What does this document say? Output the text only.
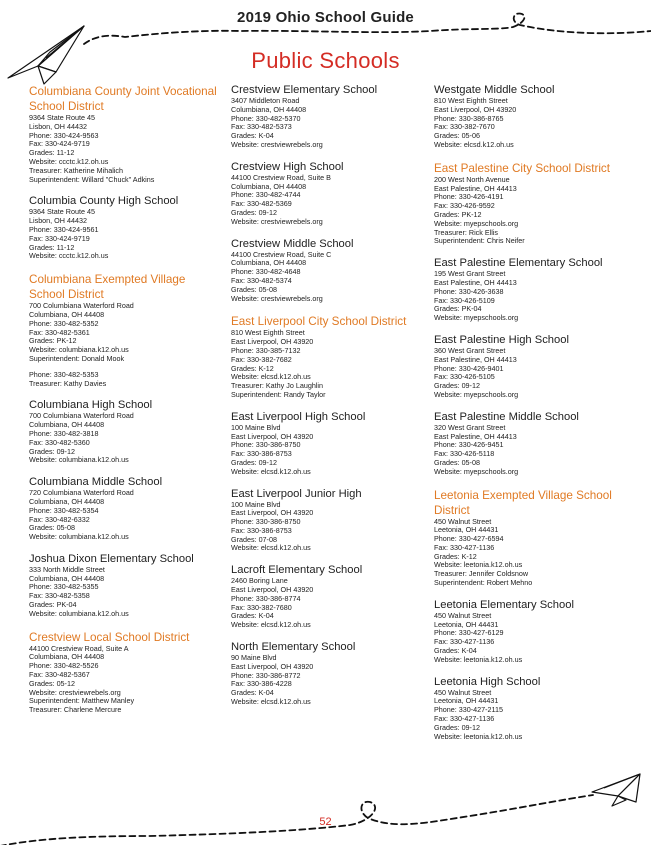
2019 Ohio School Guide
Public Schools
Columbiana County Joint Vocational School District
9364 State Route 45
Lisbon, OH 44432
Phone: 330-424-9563
Fax: 330-424-9719
Grades: 11-12
Website: ccctc.k12.oh.us
Treasurer: Katherine Mihalich
Superintendent: Willard "Chuck" Adkins
Columbia County High School
9364 State Route 45
Lisbon, OH 44432
Phone: 330-424-9561
Fax: 330-424-9719
Grades: 11-12
Website: ccctc.k12.oh.us
Columbiana Exempted Village School District
700 Columbiana Waterford Road
Columbiana, OH 44408
Phone: 330-482-5352
Fax: 330-482-5361
Grades: PK-12
Website: columbiana.k12.oh.us
Superintendent: Donald Mook
Phone: 330-482-5353
Treasurer: Kathy Davies
Columbiana High School
700 Columbiana Waterford Road
Columbiana, OH 44408
Phone: 330-482-3818
Fax: 330-482-5360
Grades: 09-12
Website: columbiana.k12.oh.us
Columbiana Middle School
720 Columbiana Waterford Road
Columbiana, OH 44408
Phone: 330-482-5354
Fax: 330-482-6332
Grades: 05-08
Website: columbiana.k12.oh.us
Joshua Dixon Elementary School
333 North Middle Street
Columbiana, OH 44408
Phone: 330-482-5355
Fax: 330-482-5358
Grades: PK-04
Website: columbiana.k12.oh.us
Crestview Local School District
44100 Crestview Road, Suite A
Columbiana, OH 44408
Phone: 330-482-5526
Fax: 330-482-5367
Grades: 05-12
Website: crestviewrebels.org
Superintendent: Matthew Manley
Treasurer: Charlene Mercure
Crestview Elementary School
3407 Middleton Road
Columbiana, OH 44408
Phone: 330-482-5370
Fax: 330-482-5373
Grades: K-04
Website: crestviewrebels.org
Crestview High School
44100 Crestview Road, Suite B
Columbiana, OH 44408
Phone: 330-482-4744
Fax: 330-482-5369
Grades: 09-12
Website: crestviewrebels.org
Crestview Middle School
44100 Crestview Road, Suite C
Columbiana, OH 44408
Phone: 330-482-4648
Fax: 330-482-5374
Grades: 05-08
Website: crestviewrebels.org
East Liverpool City School District
810 West Eighth Street
East Liverpool, OH 43920
Phone: 330-385-7132
Fax: 330-382-7682
Grades: K-12
Website: elcsd.k12.oh.us
Treasurer: Kathy Jo Laughlin
Superintendent: Randy Taylor
East Liverpool High School
100 Maine Blvd
East Liverpool, OH 43920
Phone: 330-386-8750
Fax: 330-386-8753
Grades: 09-12
Website: elcsd.k12.oh.us
East Liverpool Junior High
100 Maine Blvd
East Liverpool, OH 43920
Phone: 330-386-8750
Fax: 330-386-8753
Grades: 07-08
Website: elcsd.k12.oh.us
Lacroft Elementary School
2460 Boring Lane
East Liverpool, OH 43920
Phone: 330-386-8774
Fax: 330-382-7680
Grades: K-04
Website: elcsd.k12.oh.us
North Elementary School
90 Maine Blvd
East Liverpool, OH 43920
Phone: 330-386-8772
Fax: 330-386-4228
Grades: K-04
Website: elcsd.k12.oh.us
Westgate Middle School
810 West Eighth Street
East Liverpool, OH 43920
Phone: 330-386-8765
Fax: 330-382-7670
Grades: 05-06
Website: elcsd.k12.oh.us
East Palestine City School District
200 West North Avenue
East Palestine, OH 44413
Phone: 330-426-4191
Fax: 330-426-9592
Grades: PK-12
Website: myepschools.org
Treasurer: Rick Ellis
Superintendent: Chris Neifer
East Palestine Elementary School
195 West Grant Street
East Palestine, OH 44413
Phone: 330-426-3638
Fax: 330-426-5109
Grades: PK-04
Website: myepschools.org
East Palestine High School
360 West Grant Street
East Palestine, OH 44413
Phone: 330-426-9401
Fax: 330-426-5105
Grades: 09-12
Website: myepschools.org
East Palestine Middle School
320 West Grant Street
East Palestine, OH 44413
Phone: 330-426-9451
Fax: 330-426-5118
Grades: 05-08
Website: myepschools.org
Leetonia Exempted Village School District
450 Walnut Street
Leetonia, OH 44431
Phone: 330-427-6594
Fax: 330-427-1136
Grades: K-12
Website: leetonia.k12.oh.us
Treasurer: Jennifer Coldsnow
Superintendent: Robert Mehno
Leetonia Elementary School
450 Walnut Street
Leetonia, OH 44431
Phone: 330-427-6129
Fax: 330-427-1136
Grades: K-04
Website: leetonia.k12.oh.us
Leetonia High School
450 Walnut Street
Leetonia, OH 44431
Phone: 330-427-2115
Fax: 330-427-1136
Grades: 09-12
Website: leetonia.k12.oh.us
52
